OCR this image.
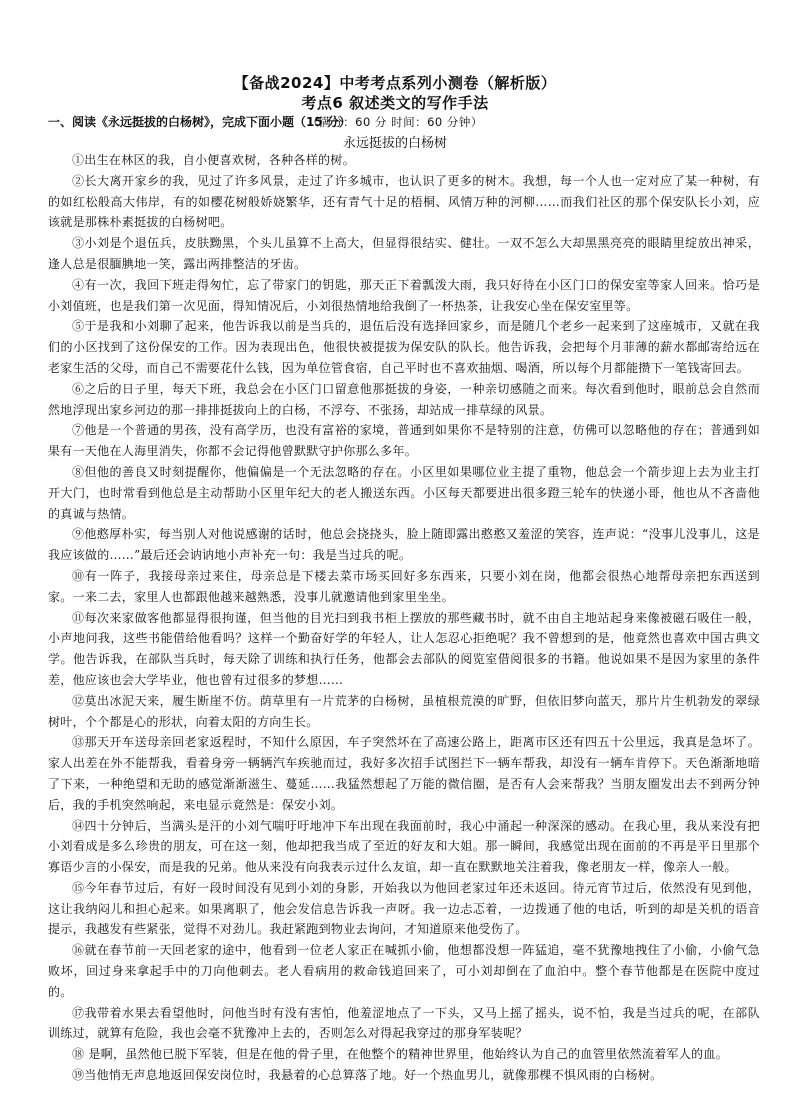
【备战2024】中考考点系列小测卷（解析版）
考点6 叙述类文的写作手法
（满分：60 分 时间：60 分钟）
一、阅读《永远挺拔的白杨树》，完成下面小题（15 分）
永远挺拔的白杨树

①出生在林区的我，自小便喜欢树，各种各样的树。

②长大离开家乡的我，见过了许多风景，走过了许多城市，也认识了更多的树木。我想，每一个人也一定对应了某一种树，有的如红松般高大伟岸，有的如樱花树般娇娆繁华，还有青气十足的梧桐、风情万种的河柳……而我们社区的那个保安队长小刘，应该就是那株朴素挺拔的白杨树吧。

③小刘是个退伍兵，皮肤黝黑，个头儿虽算不上高大，但显得很结实、健壮。一双不怎么大却黑黑亮亮的眼睛里绽放出神采，逢人总是很腼腆地一笑，露出两排整洁的牙齿。

④有一次，我回下班走得匆忙，忘了带家门的钥匙，那天正下着瓢泼大雨，我只好待在小区门口的保安室等家人回来。恰巧是小刘值班，也是我们第一次见面，得知情况后，小刘很热情地给我倒了一杯热茶，让我安心坐在保安室里等。

⑤于是我和小刘聊了起来，他告诉我以前是当兵的，退伍后没有选择回家乡，而是随几个老乡一起来到了这座城市，又就在我们的小区找到了这份保安的工作。因为表现出色，他很快被提拔为保安队的队长。他告诉我，会把每个月菲薄的薪水都邮寄给远在老家生活的父母，而自己不需要花什么钱，因为单位管食宿，自己平时也不喜欢抽烟、喝酒，所以每个月都能攒下一笔钱寄回去。

⑥之后的日子里，每天下班，我总会在小区门口留意他那挺拔的身姿，一种亲切感随之而来。每次看到他时，眼前总会自然而然地浮现出家乡河边的那一排排挺拔向上的白杨，不浮夸、不张扬，却站成一排草绿的风景。

⑦他是一个普通的男孩，没有高学历，也没有富裕的家境，普通到如果你不是特别的注意，仿佛可以忽略他的存在；普通到如果有一天他在人海里消失，你都不会记得他曾默默守护你那么多年。

⑧但他的善良又时刻提醒你，他偏偏是一个无法忽略的存在。小区里如果哪位业主提了重物，他总会一个箭步迎上去为业主打开大门，也时常看到他总是主动帮助小区里年纪大的老人搬送东西。小区每天都要进出很多蹬三轮车的快递小哥，他也从不吝啬他的真诚与热情。

⑨他憨厚朴实，每当别人对他说感谢的话时，他总会挠挠头，脸上随即露出憨憨又羞涩的笑容，连声说：“没事儿没事儿，这是我应该做的……”最后还会讷讷地小声补充一句：我是当过兵的呢。

⑩有一阵子，我接母亲过来住，母亲总是下楼去菜市场买回好多东西来，只要小刘在岗，他都会很热心地帮母亲把东西送到家。一来二去，家里人也都跟他越来越熟悉，没事儿就邀请他到家里坐坐。

⑪每次来家做客他都显得很拘谨，但当他的目光扫到我书柜上摆放的那些藏书时，就不由自主地站起身来像被磁石吸住一般，小声地问我，这些书能借给他看吗？这样一个勤奋好学的年轻人，让人怎忍心拒绝呢？我不曾想到的是，他竟然也喜欢中国古典文学。他告诉我，在部队当兵时，每天除了训练和执行任务，他都会去部队的阅览室借阅很多的书籍。他说如果不是因为家里的条件差，他应该也会大学毕业，他也曾有过很多的梦想……

⑫莫出冰泥天来，履生断崖不仿。荫草里有一片荒茅的白杨树，虽植根荒漠的旷野，但依旧梦向蓝天，那片片生机勃发的翠绿树叶，个个都是心的形状，向着太阳的方向生长。

⑬那天开车送母亲回老家返程时，不知什么原因，车子突然坏在了高速公路上，距离市区还有四五十公里远，我真是急坏了。家人出差在外不能帮我，看着身旁一辆辆汽车疾驰而过，我好多次招手试图拦下一辆车帮我，却没有一辆车肯停下。天色渐渐地暗了下来，一种绝望和无助的感觉渐渐滋生、蔓延……我猛然想起了万能的微信圈，是否有人会来帮我？当朋友圈发出去不到两分钟后，我的手机突然响起，来电显示竟然是：保安小刘。

⑭四十分钟后，当满头是汗的小刘气喘吁吁地冲下车出现在我面前时，我心中涌起一种深深的感动。在我心里，我从来没有把小刘看成是多么珍贵的朋友，可在这一刻，他却把我当成了至近的好友和大姐。那一瞬间，我感觉出现在面前的不再是平日里那个寡语少言的小保安，而是我的兄弟。他从来没有向我表示过什么友谊，却一直在默默地关注着我，像老朋友一样，像亲人一般。

⑮今年春节过后，有好一段时间没有见到小刘的身影，开始我以为他回老家过年还未返回。待元宵节过后，依然没有见到他，这让我纳闷儿和担心起来。如果离职了，他会发信息告诉我一声呀。我一边忐忑着，一边拨通了他的电话，听到的却是关机的语音提示，我越发有些紧张，觉得不对劲儿。我赶紧跑到物业去询问，才知道原来他受伤了。

⑯就在春节前一天回老家的途中，他看到一位老人家正在喊抓小偷，他想都没想一阵猛追，毫不犹豫地拽住了小偷，小偷气急败坏，回过身来拿起手中的刀向他刺去。老人看病用的救命钱追回来了，可小刘却倒在了血泊中。整个春节他都是在医院中度过的。

⑰我带着水果去看望他时，问他当时有没有害怕，他羞涩地点了一下头，又马上摇了摇头，说不怕，我是当过兵的呢，在部队训练过，就算有危险，我也会毫不犹豫冲上去的，否则怎么对得起我穿过的那身军装呢？

⑱ 是啊，虽然他已脱下军装，但是在他的骨子里，在他整个的精神世界里，他始终认为自己的血管里依然流着军人的血。

⑲当他悄无声息地返回保安岗位时，我悬着的心总算落了地。好一个热血男儿，就像那棵不惧风雨的白杨树。
